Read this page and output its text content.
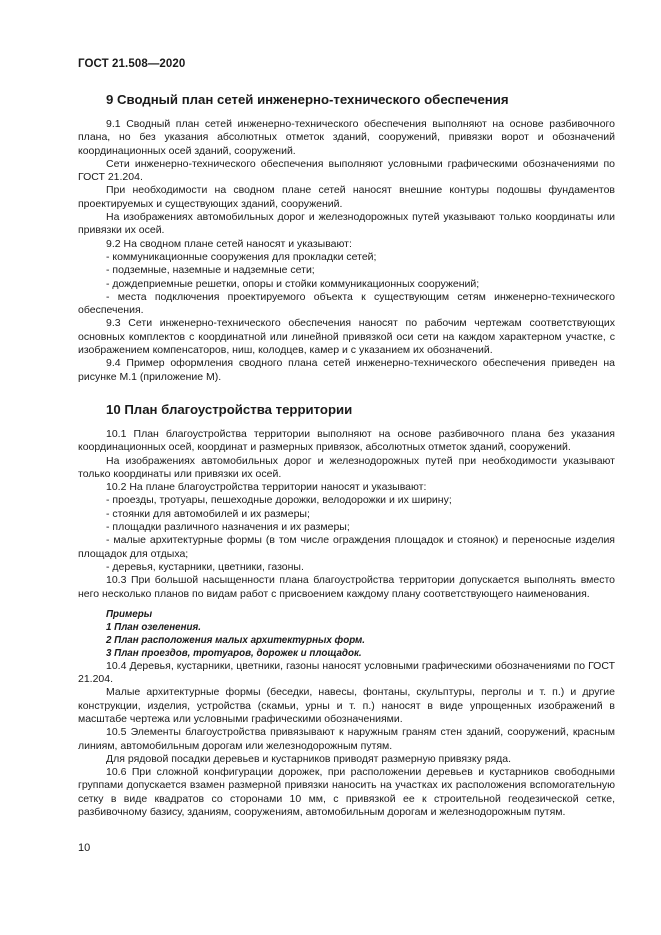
ГОСТ 21.508—2020
9 Сводный план сетей инженерно-технического обеспечения

9.1 Сводный план сетей инженерно-технического обеспечения выполняют на основе разбивочного плана, но без указания абсолютных отметок зданий, сооружений, привязки ворот и обозначений координационных осей зданий, сооружений.

Сети инженерно-технического обеспечения выполняют условными графическими обозначениями по ГОСТ 21.204.

При необходимости на сводном плане сетей наносят внешние контуры подошвы фундаментов проектируемых и существующих зданий, сооружений.

На изображениях автомобильных дорог и железнодорожных путей указывают только координаты или привязки их осей.

9.2 На сводном плане сетей наносят и указывают:

- коммуникационные сооружения для прокладки сетей;

- подземные, наземные и надземные сети;

- дождеприемные решетки, опоры и стойки коммуникационных сооружений;

- места подключения проектируемого объекта к существующим сетям инженерно-технического обеспечения.

9.3 Сети инженерно-технического обеспечения наносят по рабочим чертежам соответствующих основных комплектов с координатной или линейной привязкой оси сети на каждом характерном участке, с изображением компенсаторов, ниш, колодцев, камер и с указанием их обозначений.

9.4 Пример оформления сводного плана сетей инженерно-технического обеспечения приведен на рисунке М.1 (приложение М).

10 План благоустройства территории

10.1 План благоустройства территории выполняют на основе разбивочного плана без указания координационных осей, координат и размерных привязок, абсолютных отметок зданий, сооружений.

На изображениях автомобильных дорог и железнодорожных путей при необходимости указывают только координаты или привязки их осей.

10.2 На плане благоустройства территории наносят и указывают:

- проезды, тротуары, пешеходные дорожки, велодорожки и их ширину;

- стоянки для автомобилей и их размеры;

- площадки различного назначения и их размеры;

- малые архитектурные формы (в том числе ограждения площадок и стоянок) и переносные изделия площадок для отдыха;

- деревья, кустарники, цветники, газоны.

10.3 При большой насыщенности плана благоустройства территории допускается выполнять вместо него несколько планов по видам работ с присвоением каждому плану соответствующего наименования.

Примеры

1 План озеленения.

2 План расположения малых архитектурных форм.

3 План проездов, тротуаров, дорожек и площадок.

10.4 Деревья, кустарники, цветники, газоны наносят условными графическими обозначениями по ГОСТ 21.204.

Малые архитектурные формы (беседки, навесы, фонтаны, скульптуры, перголы и т. п.) и другие конструкции, изделия, устройства (скамьи, урны и т. п.) наносят в виде упрощенных изображений в масштабе чертежа или условными графическими обозначениями.

10.5 Элементы благоустройства привязывают к наружным граням стен зданий, сооружений, красным линиям, автомобильным дорогам или железнодорожным путям.

Для рядовой посадки деревьев и кустарников приводят размерную привязку ряда.

10.6 При сложной конфигурации дорожек, при расположении деревьев и кустарников свободными группами допускается взамен размерной привязки наносить на участках их расположения вспомогательную сетку в виде квадратов со сторонами 10 мм, с привязкой ее к строительной геодезической сетке, разбивочному базису, зданиям, сооружениям, автомобильным дорогам и железнодорожным путям.

10
